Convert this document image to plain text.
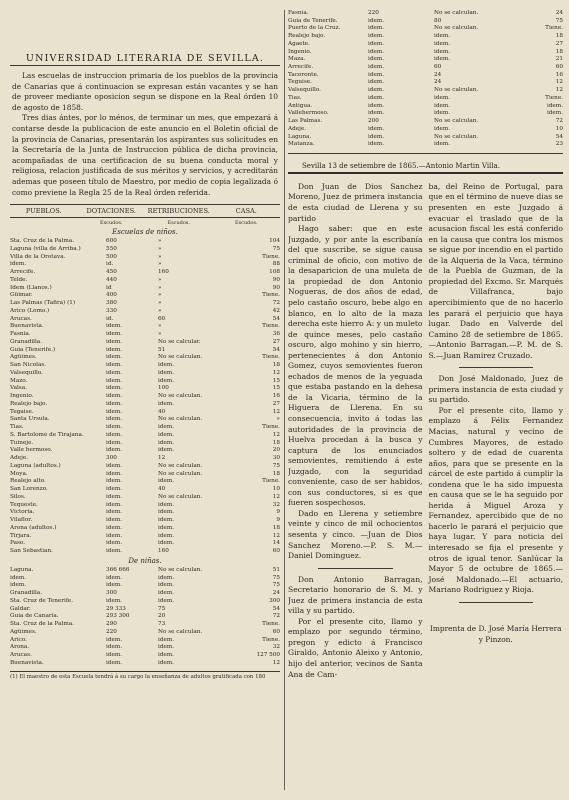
UNIVERSIDAD LITERARIA DE SEVILLA.

Las escuelas de instruccion primaria de los pueblos de la provincia de Canarias que á continuacion se expresan están vacantes y se han de proveer mediante oposicion segun se dispone en la Real órden 10 de agosto de 1858.

Tres dias ántes, por lo ménos, de terminar un mes, que empezará á contarse desde la publicacion de este anuncio en el Boletin oficial de la provincia de Canarias, presentarán los aspirantes sus solicitudes en la Secretaría de la Junta de Instruccion pública de dicha provincia, acompañadas de una certificacion de su buena conducta moral y religiosa, relacion justificada de sus méritos y servicios, y acreditarán ademas que poseen título de Maestro, por medio de copia legalizada ó como previene la Regla 25 de la Real órden referida.

PUEBLOS.	DOTACIONES.	RETRIBUCIONES.	CASA.
Escudos.	Escudos.	Escudos.
Escuelas de niños.
Sta. Cruz de la Palma.	600	»	104
Laguna (villa de Arriba.)	550	»	75
Villa de la Orotava.	500	»	Tiene.
idem.	id.	»	88
Arrecife.	450	160	108
Telde.	440	»	90
Idem (Llanos.)	id	»	90
Güimar.	400	»	Tiene.
Las Palmas (Tafira) (1)	380	»	72
Arico (Lomo.)	330	»	42
Arucas.	id.	60	54
Buenavista.	idem.	»	Tiene.
Fasnia.	idem.	»	36
Granadilla.	idem.	No se calcular.	27
Guia (Tenerife.)	idem.	51	54
Agüimes.	idem.	No se calculan.	Tiene.
San Nicolás.	idem.	idem.	18
Valsequillo.	idem.	idem.	12
Mazo.	idem.	idem.	15
Valsa.	idem.	100	15
Ingenio.	idem.	No se calculan.	16
Realejo bajo.	idem.	idem.	27
Tegaise.	idem.	40	12
Santa Ursula.	idem.	No se calculan.	»
Tias.	idem.	idem.	Tiene.
S. Bartolomé de Tirajana.	idem.	idem.	12
Tuineje.	idem.	idem.	18
Valle hermoso.	idem.	idem.	20
Adeje.	300	12	30
Laguna (adultos.)	idem.	No se calculan.	75
Moya.	idem.	No se calculan.	18
Realejo alto.	idem.	idem.	Tiene.
San Lorenzo.	idem.	40	10
Silos.	idem.	No se calculan.	12
Tequeste.	idem.	idem.	32
Victoria.	idem.	idem.	9
Vilaflor.	idem.	idem.	9
Arona (adultos.)	idem.	idem.	18
Tirjara.	idem.	idem.	12
Paso.	idem.	idem.	14
San Sebastian.	idem.	160	60
De niñas.
Laguna.	366 666	No se calculan.	51
idem.	idem.	idem.	75
idem.	idem.	idem.	75
Granadilla.	300	idem.	24
Sta. Cruz de Tenerife.	idem.	idem.	300
Galdar.	29 333	75	54
Guia de Canaria.	293 300	20	72
Sta. Cruz de la Palma.	290	73	Tiene.
Agüimes.	220	No se calculan.	60
Arico.	idem.	idem.	Tiene.
Arona.	idem.	idem.	32
Arucas.	idem.	idem.	127 500
Buenavista.	idem.	idem.	12
(1) El maestro de esta Escuela tendrá á su cargo la enseñanza de adultos gratificada con 180
Fasnia.	220	No se calculan.	24
Guia de Tenerife.	idem.	80	75
Puerto de la Cruz.	idem.	No se calculan.	Tiene.
Realejo bajo.	idem.	idem.	18
Agaete.	idem.	idem.	27
Ingenio.	idem.	idem.	18
Maza.	idem.	idem.	21
Arrecife.	idem.	60	60
Tacoronte.	idem.	24	16
Teguise.	idem.	24	12
Valsequillo.	idem.	No se calculan.	12
Tias.	idem.	idem.	Tiene.
Antigua.	idem.	idem.	idem.
Vallehermoso.	idem.	idem.	idem.
Las Palmas.	200	No se calculan.	72
Adeje.	idem.	idem.	10
Laguna.	idem.	No se calculan.	54
Matanza.	idem.	idem.	23
Sevilla 13 de setiembre de 1865.—Antonio Martin Villa.

Don Juan de Dios Sanchez Moreno, Juez de primera instancia de esta ciudad de Llerena y su partido

Hago saber: que en este Juzgado, y por ante la escribanía del que suscribe, se sigue causa criminal de oficio, con motivo de la desaparicion de una muleta de la propiedad de don Antonio Nogueras, de dos años de edad, pelo castaño oscuro, bebe algo en blanco, en lo alto de la maza derecha este hierro A: y un muleto de quince meses, pelo castaño oscuro, algo mohino y sin hierro, pertenecientes á don Antonio Gomez, cuyos semovientes fueron echados de menos de la yeguada que estaba pastando en la dehesa de la Vicaria, término de la Higuera de Llerena. En su consecuencia, invito á todas las autoridades de la provincia de Huelva procedan á la busca y captura de los enunciados semovientes, remitiendo á este Juzgado, con la seguridad conveniente, caso de ser habidos, con sus conductores, si es que fueren sospechosos.

Dado en Llerena y setiembre veinte y cinco de mil ochocientos sesenta y cinco. —Juan de Dios Sanchez Moreno.—P. S. M.—Daniel Dominguez.

Don Antonio Barragan, Secretario honorario de S. M. y Juez de primera instancia de esta villa y su partido.

Por el presente cito, llamo y emplazo por segundo término, pregon y edicto á Francisco Giraldo, Antonio Aleixo y Antonio, hijo del anterior, vecinos de Santa Ana de Cam-

ba, del Reino de Portugal, para que en el término de nueve dias se presenten en este Juzgado á evacuar el traslado que de la acusacion fiscal les está conferido en la causa que contra los mismos se sigue por incendio en el partido de la Alqueria de la Vaca, término de la Puebla de Guzman, de la propiedad del Excmo. Sr. Marqués de Villafranca, bajo apercibimiento que de no hacerlo les parará el perjuicio que haya lugar. Dado en Valverde del Camino 28 de setiembre de 1865.—Antonio Barragan.—P. M. de S. S.—Juan Ramirez Cruzado.

Don José Maldonado, Juez de primera instancia de esta ciudad y su partido.

Por el presente cito, llamo y emplazo á Félix Fernandez Macias, natural y vecino de Cumbres Mayores, de estado soltero y de edad de cuarenta años, para que se presente en la cárcel de este partido á cumplir la condena que le ha sido impuesta en causa que se le ha seguido por herida á Miguel Aroza y Fernandez, apercibido que de no hacerlo le parará el perjuicio que haya lugar. Y para noticia del interesado se fija el presente y otros de igual tenor. Sanlúcar la Mayor 5 de octubre de 1865.—José Maldonado.—El actuario, Mariano Rodriguez y Rioja.

Imprenta de D. José María Herrera y Pinzon.
